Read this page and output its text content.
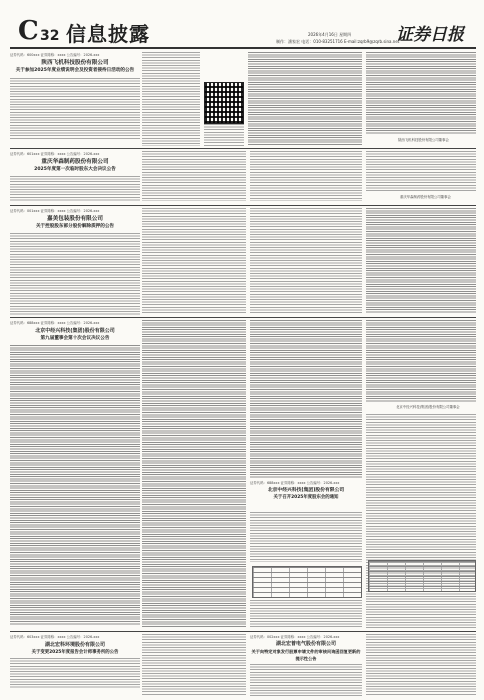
C 32 信息披露	2026年4月16日 星期四
制作：潘家宏 电话：010-83251716 E-mail:zqrb9@zqrb.sina.net
证券日报
证券代码：600xxx 证券简称：xxxx 公告编号：2026-xxx
陕西飞机科技股份有限公司
关于参加2025年度业绩说明会及投资者接待日活动的公告
陕西飞机科技股份有限公司董事会
证券代码：601xxx 证券简称：xxxx 公告编号：2026-xxx
重庆华森制药股份有限公司
2025年度第一次临时股东大会决议公告
重庆华森制药股份有限公司董事会
证券代码：001xxx 证券简称：xxxx 公告编号：2026-xxx
嘉美包装股份有限公司
关于控股股东部分股份解除质押的公告
证券代码：688xxx 证券简称：xxxx 公告编号：2026-xxx
北京中经兴科技(集团)股份有限公司
第九届董事会第十次会议决议公告
北京中经兴科技(集团)股份有限公司董事会
证券代码：688xxx 证券简称：xxxx 公告编号：2026-xxx
北京中经兴科技(集团)股份有限公司
关于召开2025年度股东会的通知
证券代码：603xxx 证券简称：xxxx 公告编号：2026-xxx
湖北宏科环境股份有限公司
关于变更2025年度报告会计师事务所的公告
证券代码：002xxx 证券简称：xxxx 公告编号：2026-xxx
湖北宏普电气股份有限公司
关于向特定对象发行股票申请文件的审核问询函回复更新的提示性公告
